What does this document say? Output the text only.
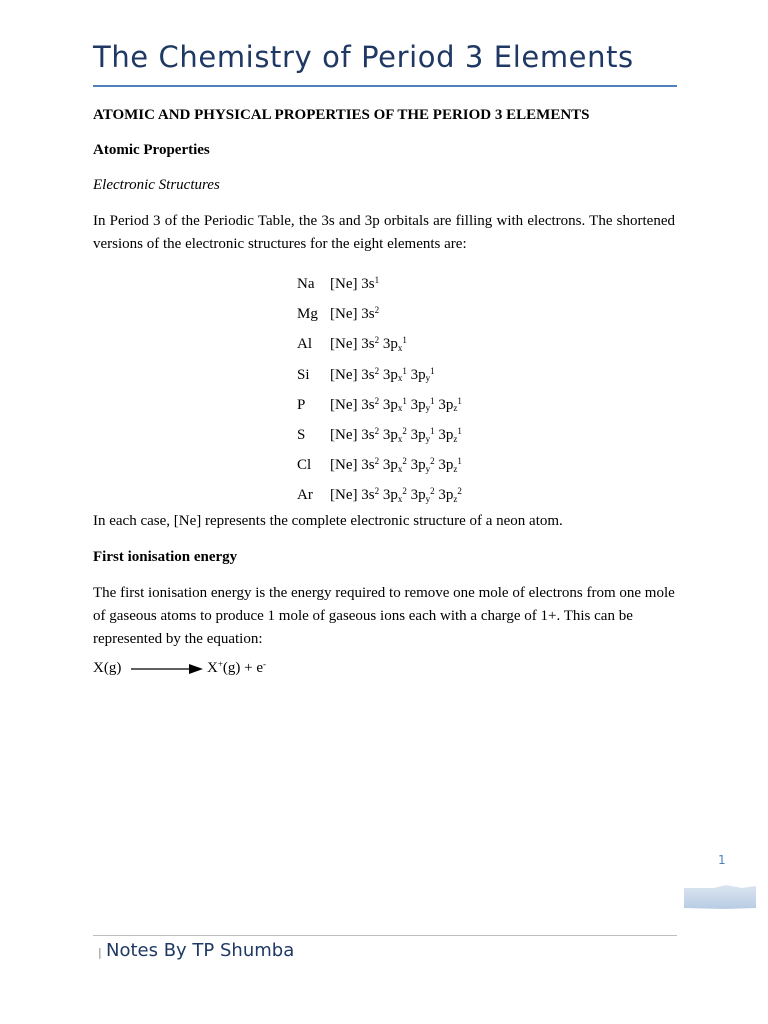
The Chemistry of Period 3 Elements
ATOMIC AND PHYSICAL PROPERTIES OF THE PERIOD 3 ELEMENTS
Atomic Properties
Electronic Structures
In Period 3 of the Periodic Table, the 3s and 3p orbitals are filling with electrons. The shortened versions of the electronic structures for the eight elements are:
Na [Ne] $3s^1$
Mg [Ne] $3s^2$
Al [Ne] $3s^2$ $3p_x^1$
Si [Ne] $3s^2$ $3p_x^1$ $3p_y^1$
P [Ne] $3s^2$ $3p_x^1$ $3p_y^1$ $3p_z^1$
S [Ne] $3s^2$ $3p_x^2$ $3p_y^1$ $3p_z^1$
Cl [Ne] $3s^2$ $3p_x^2$ $3p_y^2$ $3p_z^1$
Ar [Ne] $3s^2$ $3p_x^2$ $3p_y^2$ $3p_z^2$
In each case, [Ne] represents the complete electronic structure of a neon atom.
First ionisation energy
The first ionisation energy is the energy required to remove one mole of electrons from one mole of gaseous atoms to produce 1 mole of gaseous ions each with a charge of 1+. This can be represented by the equation:
X(g)	X+(g) + e-
1
| Notes By TP Shumba
